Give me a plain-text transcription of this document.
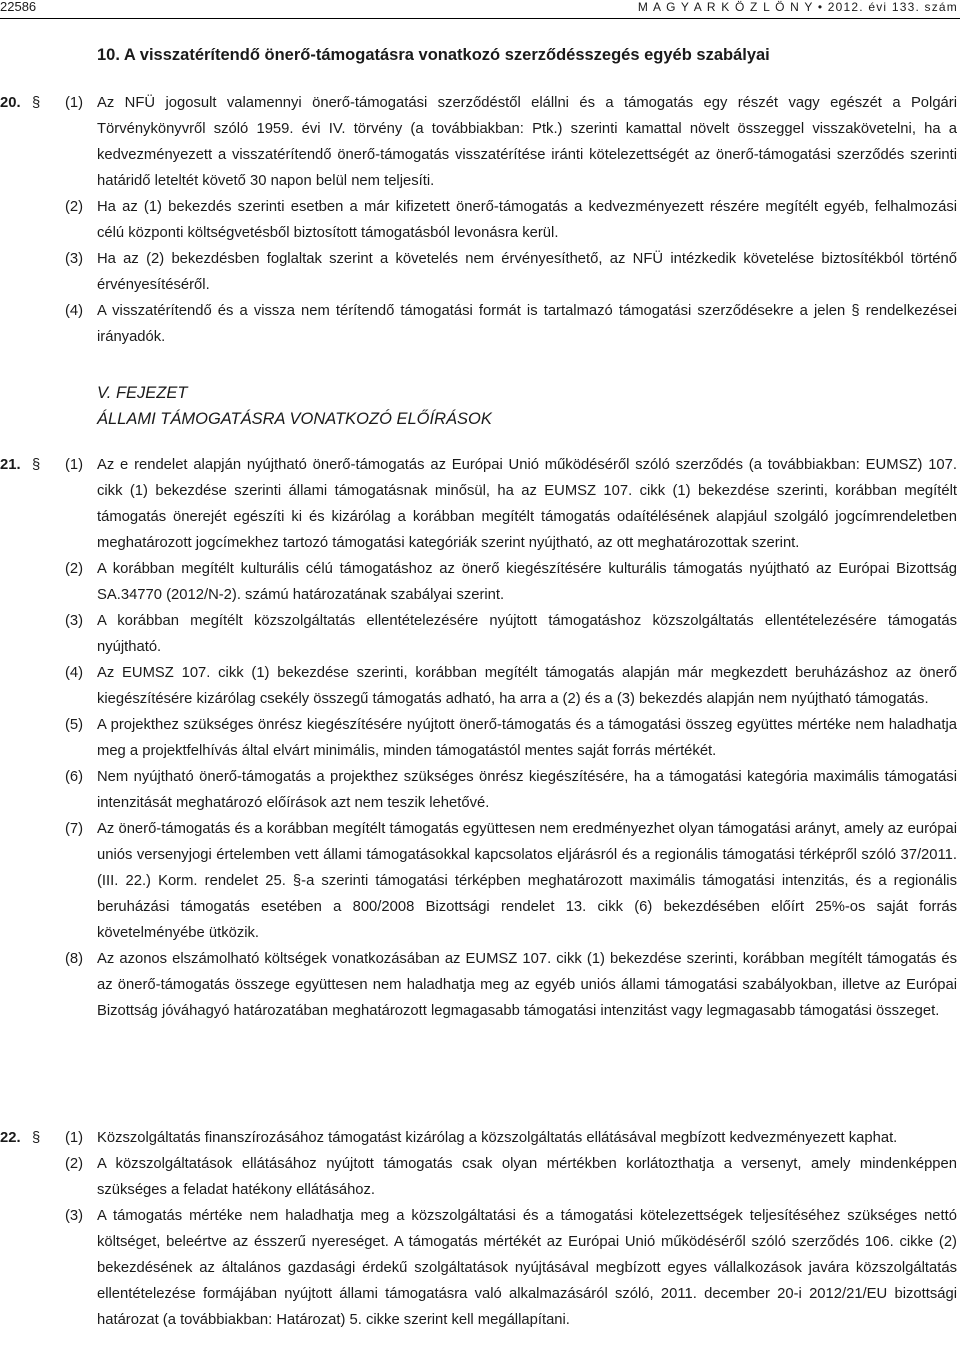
22586	M A G Y A R K Ö Z L Ö N Y • 2012. évi 133. szám
10. A visszatérítendő önerő-támogatásra vonatkozó szerződésszegés egyéb szabályai
20. § (1) Az NFÜ jogosult valamennyi önerő-támogatási szerződéstől elállni és a támogatás egy részét vagy egészét a Polgári Törvénykönyvről szóló 1959. évi IV. törvény (a továbbiakban: Ptk.) szerinti kamattal növelt összeggel visszakövetelni, ha a kedvezményezett a visszatérítendő önerő-támogatás visszatérítése iránti kötelezettségét az önerő-támogatási szerződés szerinti határidő leteltét követő 30 napon belül nem teljesíti.
(2) Ha az (1) bekezdés szerinti esetben a már kifizetett önerő-támogatás a kedvezményezett részére megítélt egyéb, felhalmozási célú központi költségvetésből biztosított támogatásból levonásra kerül.
(3) Ha az (2) bekezdésben foglaltak szerint a követelés nem érvényesíthető, az NFÜ intézkedik követelése biztosítékból történő érvényesítéséről.
(4) A visszatérítendő és a vissza nem térítendő támogatási formát is tartalmazó támogatási szerződésekre a jelen § rendelkezései irányadók.
V. FEJEZET
ÁLLAMI TÁMOGATÁSRA VONATKOZÓ ELŐÍRÁSOK
21. § (1) Az e rendelet alapján nyújtható önerő-támogatás az Európai Unió működéséről szóló szerződés (a továbbiakban: EUMSZ) 107. cikk (1) bekezdése szerinti állami támogatásnak minősül, ha az EUMSZ 107. cikk (1) bekezdése szerinti, korábban megítélt támogatás önerejét egészíti ki és kizárólag a korábban megítélt támogatás odaítélésének alapjául szolgáló jogcímrendeletben meghatározott jogcímekhez tartozó támogatási kategóriák szerint nyújtható, az ott meghatározottak szerint.
(2) A korábban megítélt kulturális célú támogatáshoz az önerő kiegészítésére kulturális támogatás nyújtható az Európai Bizottság SA.34770 (2012/N-2). számú határozatának szabályai szerint.
(3) A korábban megítélt közszolgáltatás ellentételezésére nyújtott támogatáshoz közszolgáltatás ellentételezésére támogatás nyújtható.
(4) Az EUMSZ 107. cikk (1) bekezdése szerinti, korábban megítélt támogatás alapján már megkezdett beruházáshoz az önerő kiegészítésére kizárólag csekély összegű támogatás adható, ha arra a (2) és a (3) bekezdés alapján nem nyújtható támogatás.
(5) A projekthez szükséges önrész kiegészítésére nyújtott önerő-támogatás és a támogatási összeg együttes mértéke nem haladhatja meg a projektfelhívás által elvárt minimális, minden támogatástól mentes saját forrás mértékét.
(6) Nem nyújtható önerő-támogatás a projekthez szükséges önrész kiegészítésére, ha a támogatási kategória maximális támogatási intenzitását meghatározó előírások azt nem teszik lehetővé.
(7) Az önerő-támogatás és a korábban megítélt támogatás együttesen nem eredményezhet olyan támogatási arányt, amely az európai uniós versenyjogi értelemben vett állami támogatásokkal kapcsolatos eljárásról és a regionális támogatási térképről szóló 37/2011. (III. 22.) Korm. rendelet 25. §-a szerinti támogatási térképben meghatározott maximális támogatási intenzitás, és a regionális beruházási támogatás esetében a 800/2008 Bizottsági rendelet 13. cikk (6) bekezdésében előírt 25%-os saját forrás követelményébe ütközik.
(8) Az azonos elszámolható költségek vonatkozásában az EUMSZ 107. cikk (1) bekezdése szerinti, korábban megítélt támogatás és az önerő-támogatás összege együttesen nem haladhatja meg az egyéb uniós állami támogatási szabályokban, illetve az Európai Bizottság jóváhagyó határozatában meghatározott legmagasabb támogatási intenzitást vagy legmagasabb támogatási összeget.
22. § (1) Közszolgáltatás finanszírozásához támogatást kizárólag a közszolgáltatás ellátásával megbízott kedvezményezett kaphat.
(2) A közszolgáltatások ellátásához nyújtott támogatás csak olyan mértékben korlátozthatja a versenyt, amely mindenképpen szükséges a feladat hatékony ellátásához.
(3) A támogatás mértéke nem haladhatja meg a közszolgáltatási és a támogatási kötelezettségek teljesítéséhez szükséges nettó költséget, beleértve az ésszerű nyereséget. A támogatás mértékét az Európai Unió működéséről szóló szerződés 106. cikke (2) bekezdésének az általános gazdasági érdekű szolgáltatások nyújtásával megbízott egyes vállalkozások javára közszolgáltatás ellentételezése formájában nyújtott állami támogatásra való alkalmazásáról szóló, 2011. december 20-i 2012/21/EU bizottsági határozat (a továbbiakban: Határozat) 5. cikke szerint kell megállapítani.
